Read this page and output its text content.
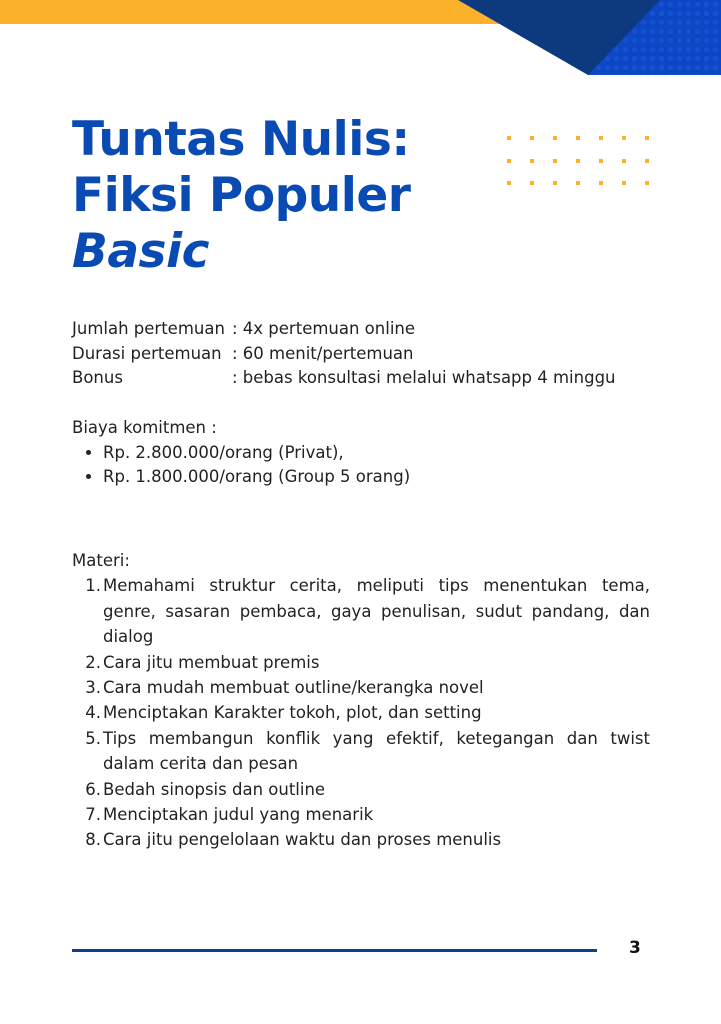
Tuntas Nulis:
Fiksi Populer
Basic
Jumlah pertemuan : 4x pertemuan online
Durasi pertemuan : 60 menit/pertemuan
Bonus	: bebas konsultasi melalui whatsapp 4 minggu
Biaya komitmen :
• Rp. 2.800.000/orang (Privat),
• Rp. 1.800.000/orang (Group 5 orang)
Materi:
1. Memahami struktur cerita, meliputi tips menentukan tema, genre, sasaran pembaca, gaya penulisan, sudut pandang, dan dialog
2. Cara jitu membuat premis
3. Cara mudah membuat outline/kerangka novel
4. Menciptakan Karakter tokoh, plot, dan setting
5. Tips membangun konflik yang efektif, ketegangan dan twist dalam cerita dan pesan
6. Bedah sinopsis dan outline
7. Menciptakan judul yang menarik
8. Cara jitu pengelolaan waktu dan proses menulis
3
